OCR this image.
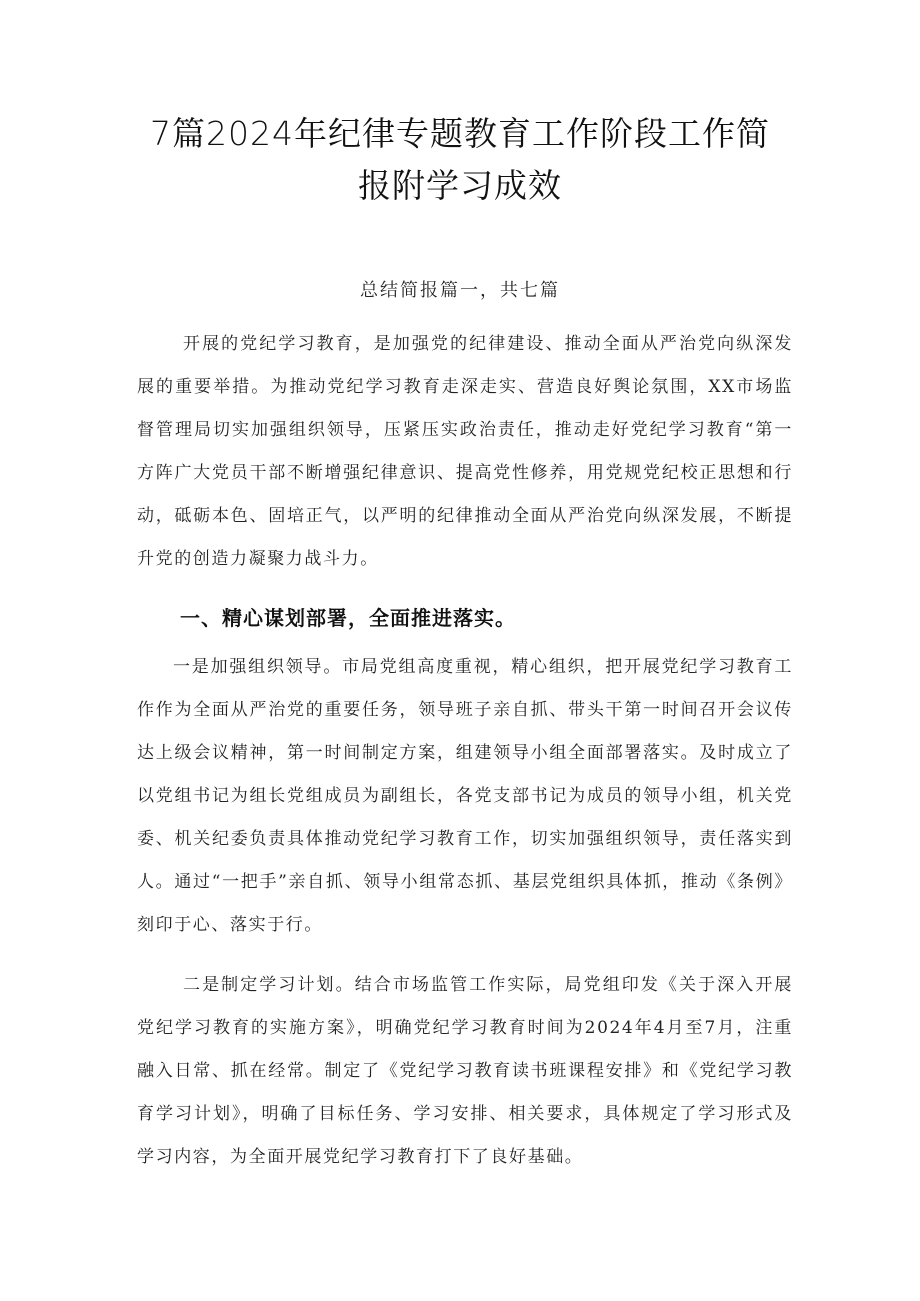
7篇2024年纪律专题教育工作阶段工作简
报附学习成效
总结简报篇一，共七篇

开展的党纪学习教育，是加强党的纪律建设、推动全面从严治党向纵深发展的重要举措。为推动党纪学习教育走深走实、营造良好舆论氛围，XX市场监督管理局切实加强组织领导，压紧压实政治责任，推动走好党纪学习教育“第一方阵广大党员干部不断增强纪律意识、提高党性修养，用党规党纪校正思想和行动，砥砺本色、固培正气，以严明的纪律推动全面从严治党向纵深发展，不断提升党的创造力凝聚力战斗力。

一、精心谋划部署，全面推进落实。

一是加强组织领导。市局党组高度重视，精心组织，把开展党纪学习教育工作作为全面从严治党的重要任务，领导班子亲自抓、带头干第一时间召开会议传达上级会议精神，第一时间制定方案，组建领导小组全面部署落实。及时成立了以党组书记为组长党组成员为副组长，各党支部书记为成员的领导小组，机关党委、机关纪委负责具体推动党纪学习教育工作，切实加强组织领导，责任落实到人。通过“一把手”亲自抓、领导小组常态抓、基层党组织具体抓，推动《条例》刻印于心、落实于行。

二是制定学习计划。结合市场监管工作实际，局党组印发《关于深入开展党纪学习教育的实施方案》，明确党纪学习教育时间为2024年4月至7月，注重融入日常、抓在经常。制定了《党纪学习教育读书班课程安排》和《党纪学习教育学习计划》，明确了目标任务、学习安排、相关要求，具体规定了学习形式及学习内容，为全面开展党纪学习教育打下了良好基础。
